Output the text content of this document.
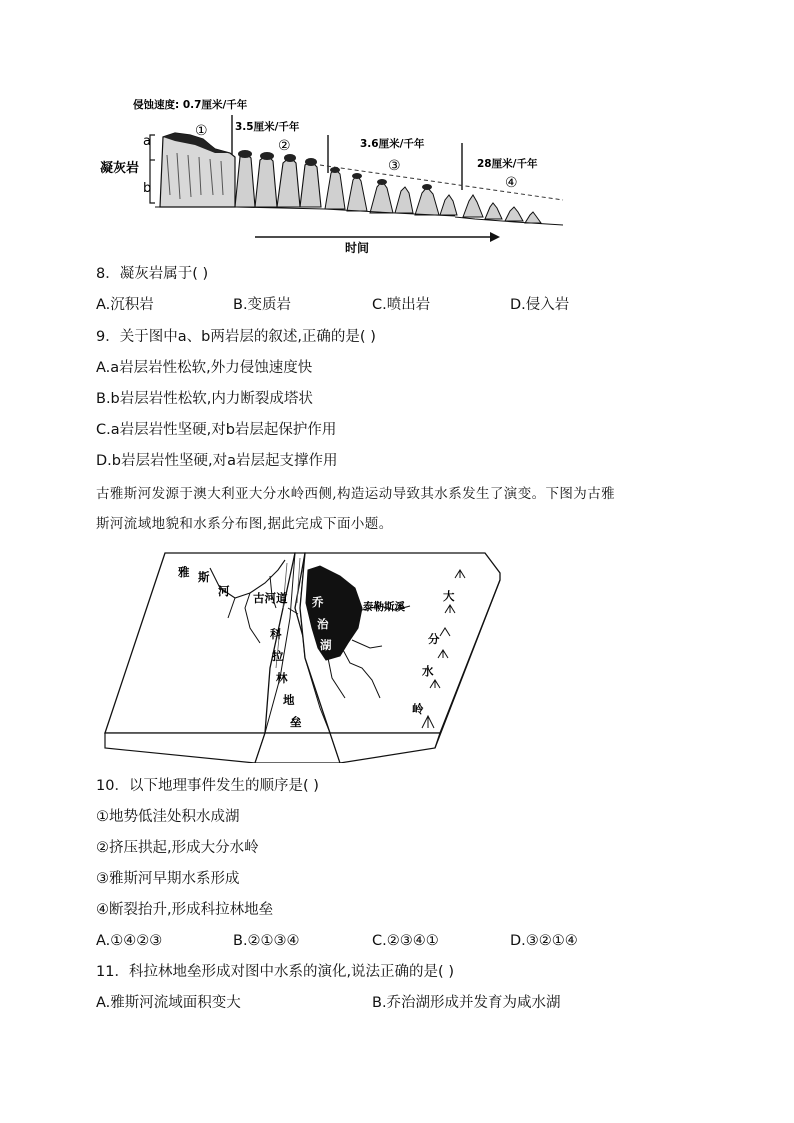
a
b
凝灰岩
侵蚀速度: 0.7厘米/千年
①	3.5厘米/千年
②	3.6厘米/千年
③	28厘米/千年
④
时间
8．凝灰岩属于( )
A.沉积岩	B.变质岩	C.喷出岩	D.侵入岩
9．关于图中a、b两岩层的叙述,正确的是( )
A.a岩层岩性松软,外力侵蚀速度快
B.b岩层岩性松软,内力断裂成塔状
C.a岩层岩性坚硬,对b岩层起保护作用
D.b岩层岩性坚硬,对a岩层起支撑作用
古雅斯河发源于澳大利亚大分水岭西侧,构造运动导致其水系发生了演变。下图为古雅
斯河流域地貌和水系分布图,据此完成下面小题。
雅 斯
河 古河道 乔
治
湖
泰勒斯溪
科
拉
林
地
垒
大
分
水
岭
10．以下地理事件发生的顺序是( )
①地势低洼处积水成湖
②挤压拱起,形成大分水岭
③雅斯河早期水系形成
④断裂抬升,形成科拉林地垒
A.①④②③	B.②①③④	C.②③④①	D.③②①④
11．科拉林地垒形成对图中水系的演化,说法正确的是( )
A.雅斯河流域面积变大	B.乔治湖形成并发育为咸水湖
